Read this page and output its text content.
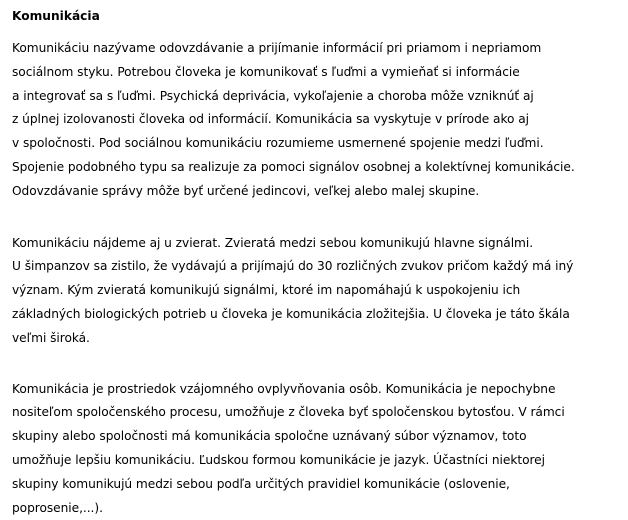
Komunikácia
Komunikáciu nazývame odovzdávanie a prijímanie informácií pri priamom i nepriamom
sociálnom styku. Potrebou človeka je komunikovať s ľuďmi a vymieňať si informácie
a integrovať sa s ľuďmi. Psychická deprivácia, vykoľajenie a choroba môže vzniknúť aj
z úplnej izolovanosti človeka od informácií. Komunikácia sa vyskytuje v prírode ako aj
v spoločnosti. Pod sociálnou komunikáciu rozumieme usmernené spojenie medzi ľuďmi.
Spojenie podobného typu sa realizuje za pomoci signálov osobnej a kolektívnej komunikácie.
Odovzdávanie správy môže byť určené jedincovi, veľkej alebo malej skupine.
Komunikáciu nájdeme aj u zvierat. Zvieratá medzi sebou komunikujú hlavne signálmi.
U šimpanzov sa zistilo, že vydávajú a prijímajú do 30 rozličných zvukov pričom každý má iný
význam. Kým zvieratá komunikujú signálmi, ktoré im napomáhajú k uspokojeniu ich
základných biologických potrieb u človeka je komunikácia zložitejšia. U človeka je táto škála
veľmi široká.
Komunikácia je prostriedok vzájomného ovplyvňovania osôb. Komunikácia je nepochybne
nositeľom spoločenského procesu, umožňuje z človeka byť spoločenskou bytosťou. V rámci
skupiny alebo spoločnosti má komunikácia spoločne uznávaný súbor významov, toto
umožňuje lepšiu komunikáciu. Ľudskou formou komunikácie je jazyk. Účastníci niektorej
skupiny komunikujú medzi sebou podľa určitých pravidiel komunikácie (oslovenie,
poprosenie,...).
